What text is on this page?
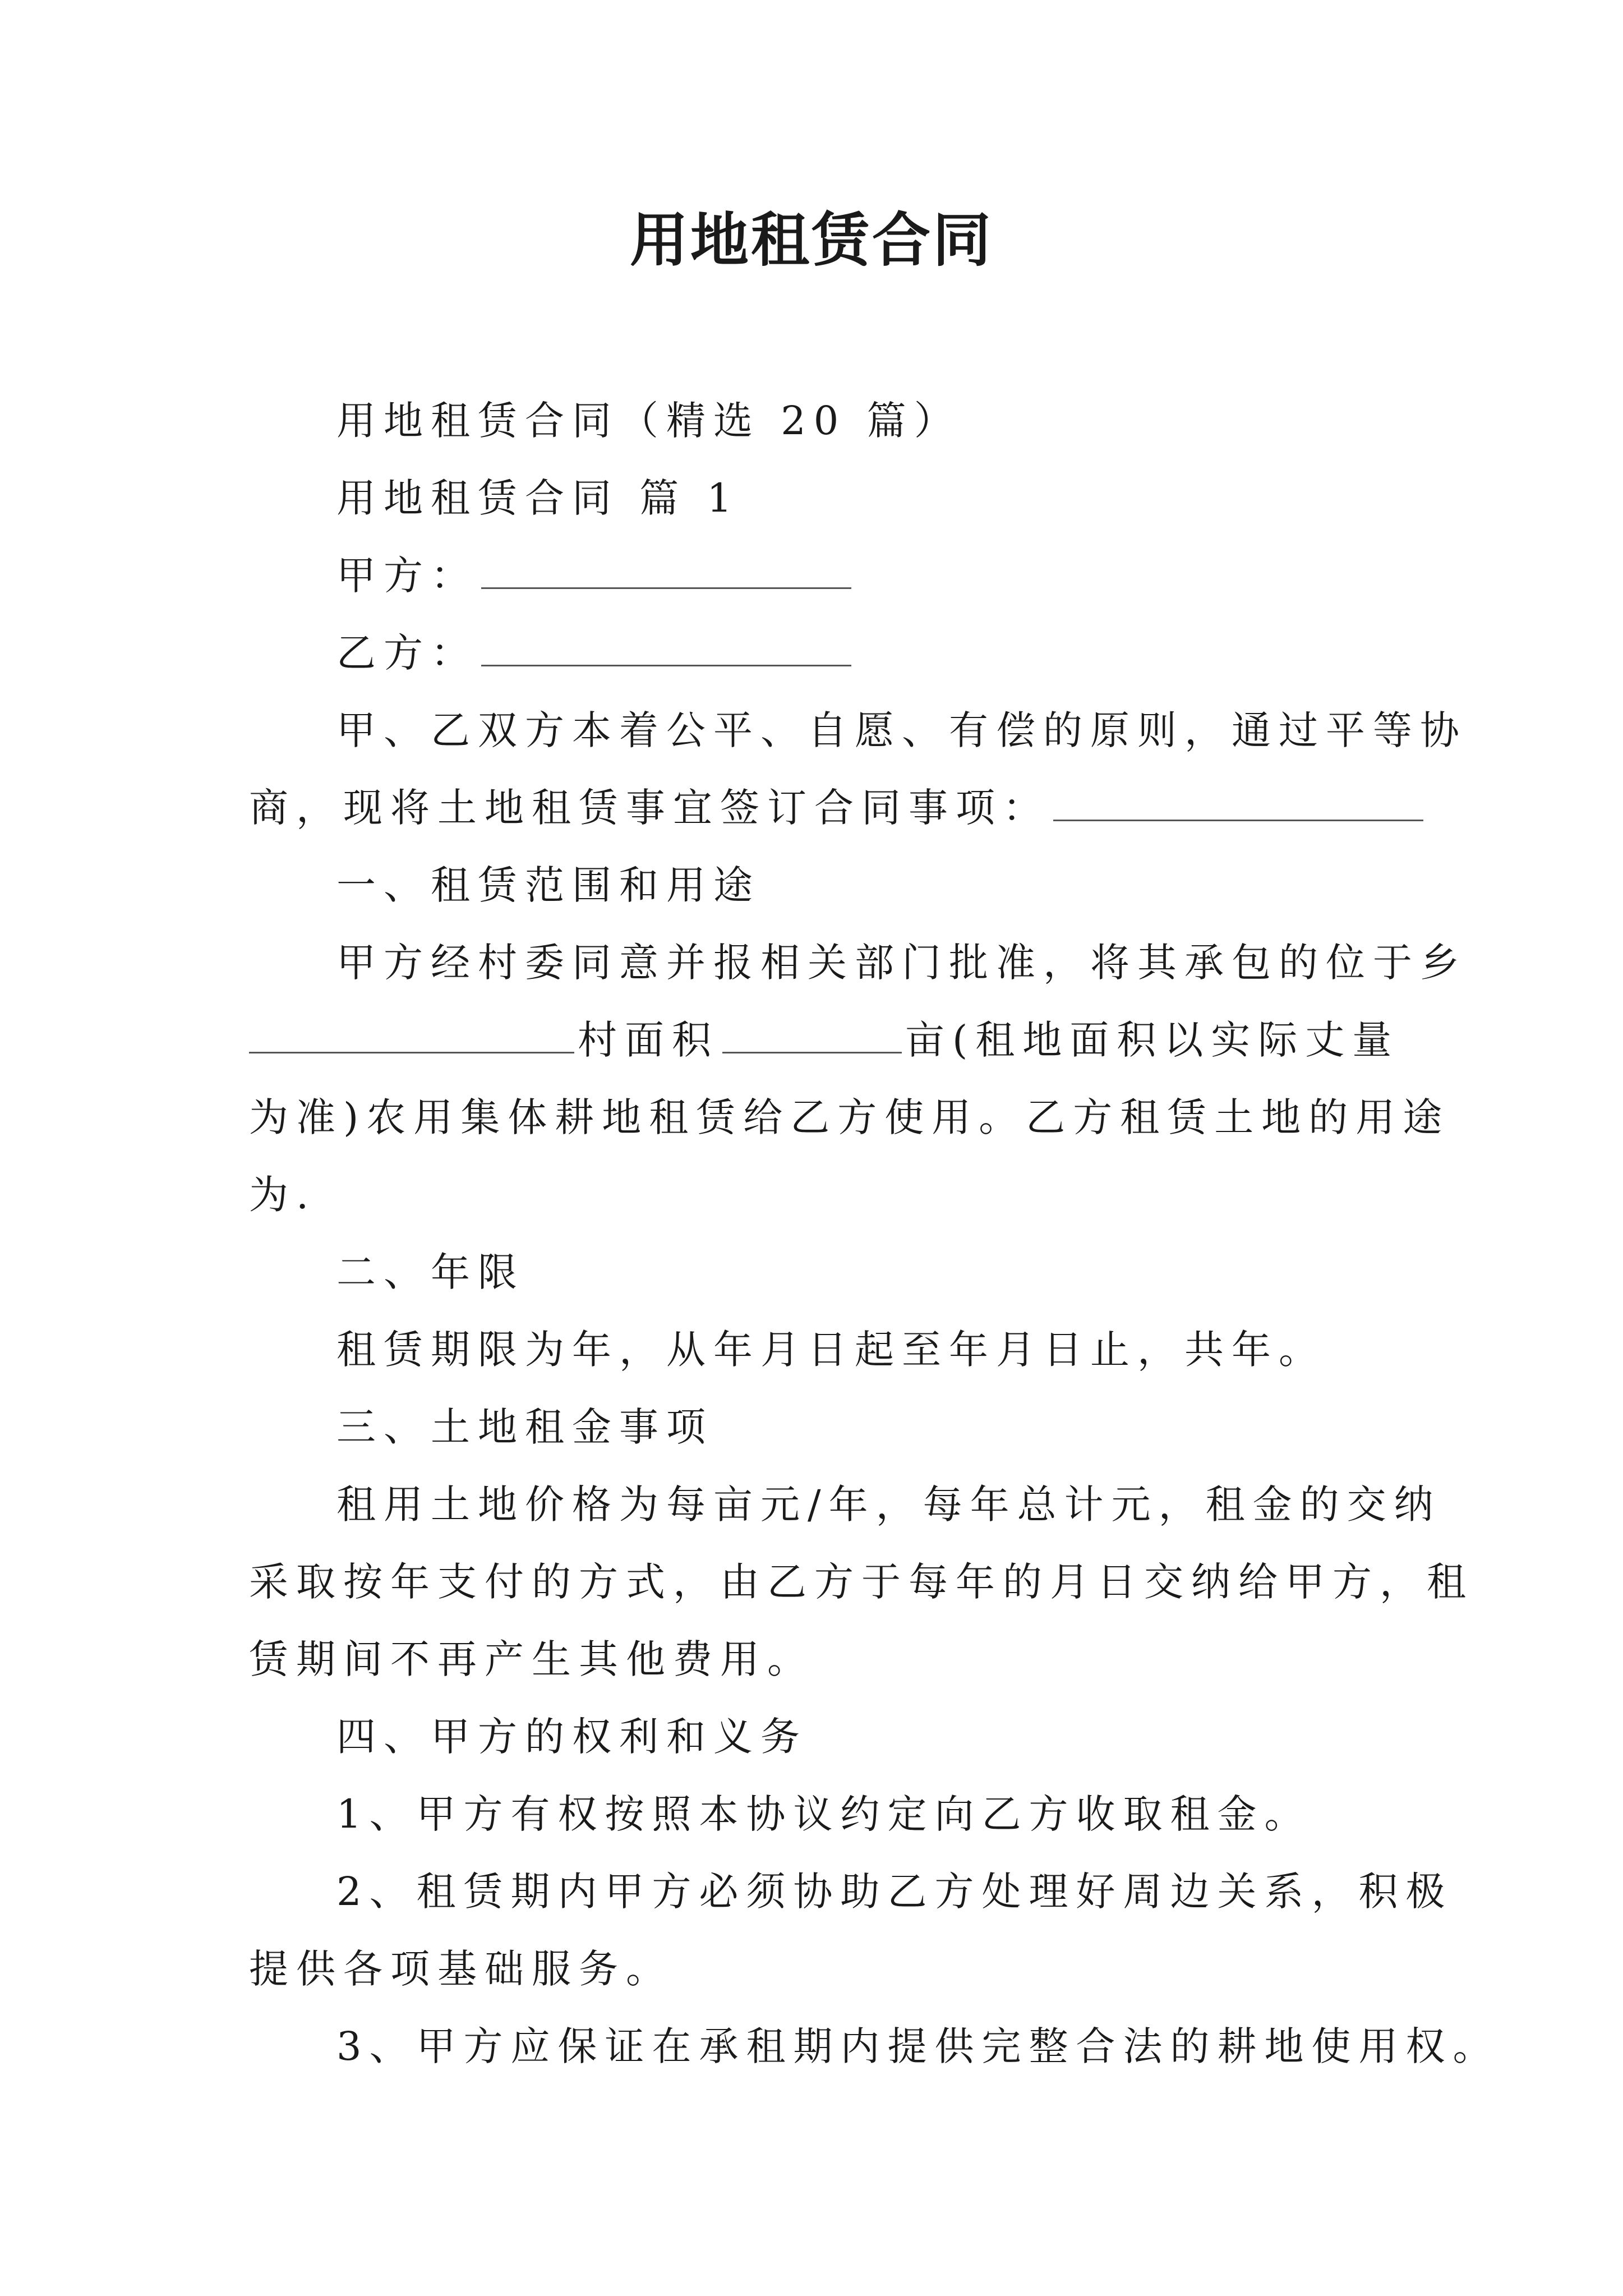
用地租赁合同
用地租赁合同（精选 20 篇）
用地租赁合同 篇 1
甲方：
乙方：
甲、乙双方本着公平、自愿、有偿的原则，通过平等协
商，现将土地租赁事宜签订合同事项：
一、租赁范围和用途
甲方经村委同意并报相关部门批准，将其承包的位于乡
村面积	亩(租地面积以实际丈量
为准)农用集体耕地租赁给乙方使用。乙方租赁土地的用途
为.
二、年限
租赁期限为年，从年月日起至年月日止，共年。
三、土地租金事项
租用土地价格为每亩元/年，每年总计元，租金的交纳
采取按年支付的方式，由乙方于每年的月日交纳给甲方，租
赁期间不再产生其他费用。
四、甲方的权利和义务
1、甲方有权按照本协议约定向乙方收取租金。
2、租赁期内甲方必须协助乙方处理好周边关系，积极
提供各项基础服务。
3、甲方应保证在承租期内提供完整合法的耕地使用权。
